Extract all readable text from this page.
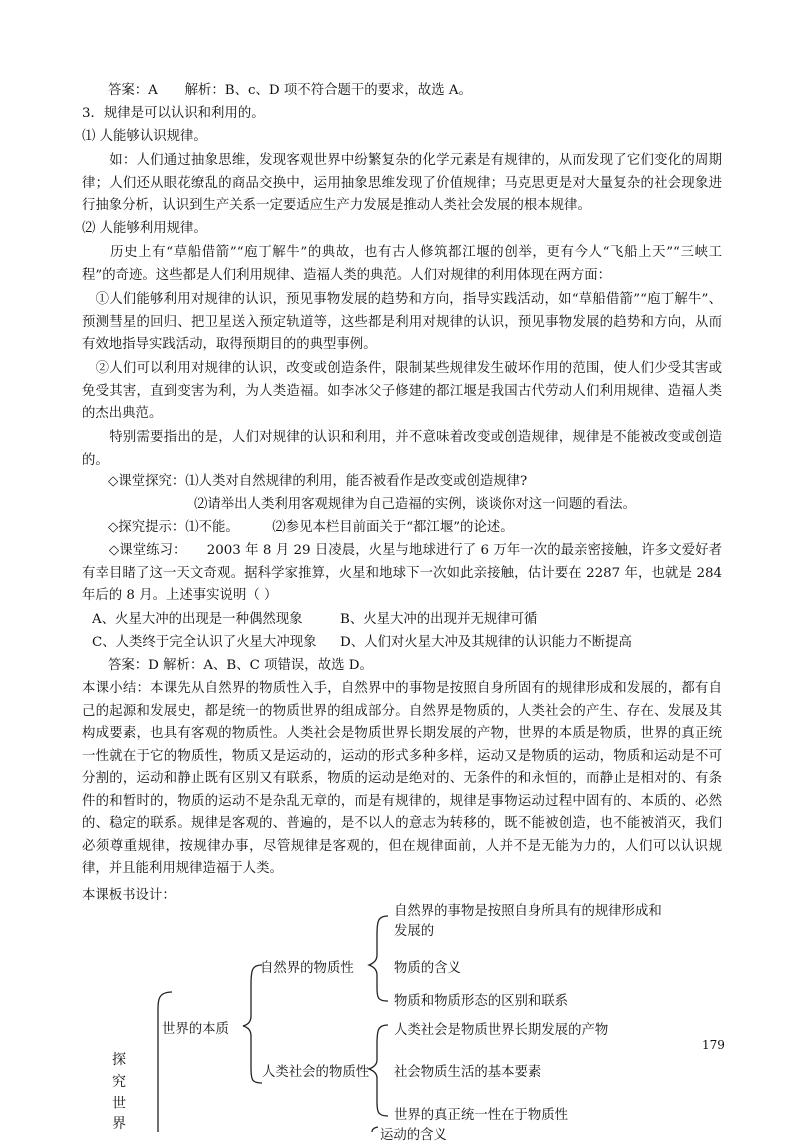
答案：A　　解析：B、c、D 项不符合题干的要求，故选 A。
3．规律是可以认识和利用的。
⑴ 人能够认识规律。
　　如：人们通过抽象思维，发现客观世界中纷繁复杂的化学元素是有规律的，从而发现了它们变化的周期律；人们还从眼花缭乱的商品交换中，运用抽象思维发现了价值规律；马克思更是对大量复杂的社会现象进行抽象分析，认识到生产关系一定要适应生产力发展是推动人类社会发展的根本规律。
⑵ 人能够利用规律。
　　历史上有“草船借箭”“庖丁解牛”的典故，也有古人修筑都江堰的创举，更有今人“飞船上天”“三峡工程”的奇迹。这些都是人们利用规律、造福人类的典范。人们对规律的利用体现在两方面：
　①人们能够利用对规律的认识，预见事物发展的趋势和方向，指导实践活动，如“草船借箭”“庖丁解牛”、预测彗星的回归、把卫星送入预定轨道等，这些都是利用对规律的认识，预见事物发展的趋势和方向，从而有效地指导实践活动，取得预期目的的典型事例。
　②人们可以利用对规律的认识，改变或创造条件，限制某些规律发生破坏作用的范围，使人们少受其害或免受其害，直到变害为利，为人类造福。如李冰父子修建的都江堰是我国古代劳动人们利用规律、造福人类的杰出典范。
　　特别需要指出的是，人们对规律的认识和利用，并不意味着改变或创造规律，规律是不能被改变或创造的。
◇课堂探究：⑴人类对自然规律的利用，能否被看作是改变或创造规律?
⑵请举出人类利用客观规律为自己造福的实例，谈谈你对这一问题的看法。
◇探究提示：⑴不能。　　　⑵参见本栏目前面关于“都江堰”的论述。
　　◇课堂练习：　　2003 年 8 月 29 日凌晨，火星与地球进行了 6 万年一次的最亲密接触，许多文爱好者有幸目睹了这一天文奇观。据科学家推算，火星和地球下一次如此亲接触，估计要在 2287 年，也就是 284 年后的 8 月。上述事实说明（ ）
A、火星大冲的出现是一种偶然现象	B、火星大冲的出现并无规律可循
C、人类终于完全认识了火星大冲现象 D、人们对火星大冲及其规律的认识能力不断提高
答案：D 解析：A、B、C 项错误，故选 D。
本课小结：本课先从自然界的物质性入手，自然界中的事物是按照自身所固有的规律形成和发展的，都有自己的起源和发展史，都是统一的物质世界的组成部分。自然界是物质的，人类社会的产生、存在、发展及其构成要素，也具有客观的物质性。人类社会是物质世界长期发展的产物，世界的本质是物质，世界的真正统一性就在于它的物质性，物质又是运动的，运动的形式多种多样，运动又是物质的运动，物质和运动是不可分割的，运动和静止既有区别又有联系，物质的运动是绝对的、无条件的和永恒的，而静止是相对的、有条件的和暂时的，物质的运动不是杂乱无章的，而是有规律的，规律是事物运动过程中固有的、本质的、必然的、稳定的联系。规律是客观的、普遍的，是不以人的意志为转移的，既不能被创造，也不能被消灭，我们必须尊重规律，按规律办事，尽管规律是客观的，但在规律面前，人并不是无能为力的，人们可以认识规律，并且能利用规律造福于人类。
本课板书设计：
探
究
世
界
世界的本质
自然界的物质性
人类社会的物质性
自然界的事物是按照自身所具有的规律形成和
发展的
物质的含义
物质和物质形态的区别和联系
人类社会是物质世界长期发展的产物
社会物质生活的基本要素
世界的真正统一性在于物质性
运动的含义
179
